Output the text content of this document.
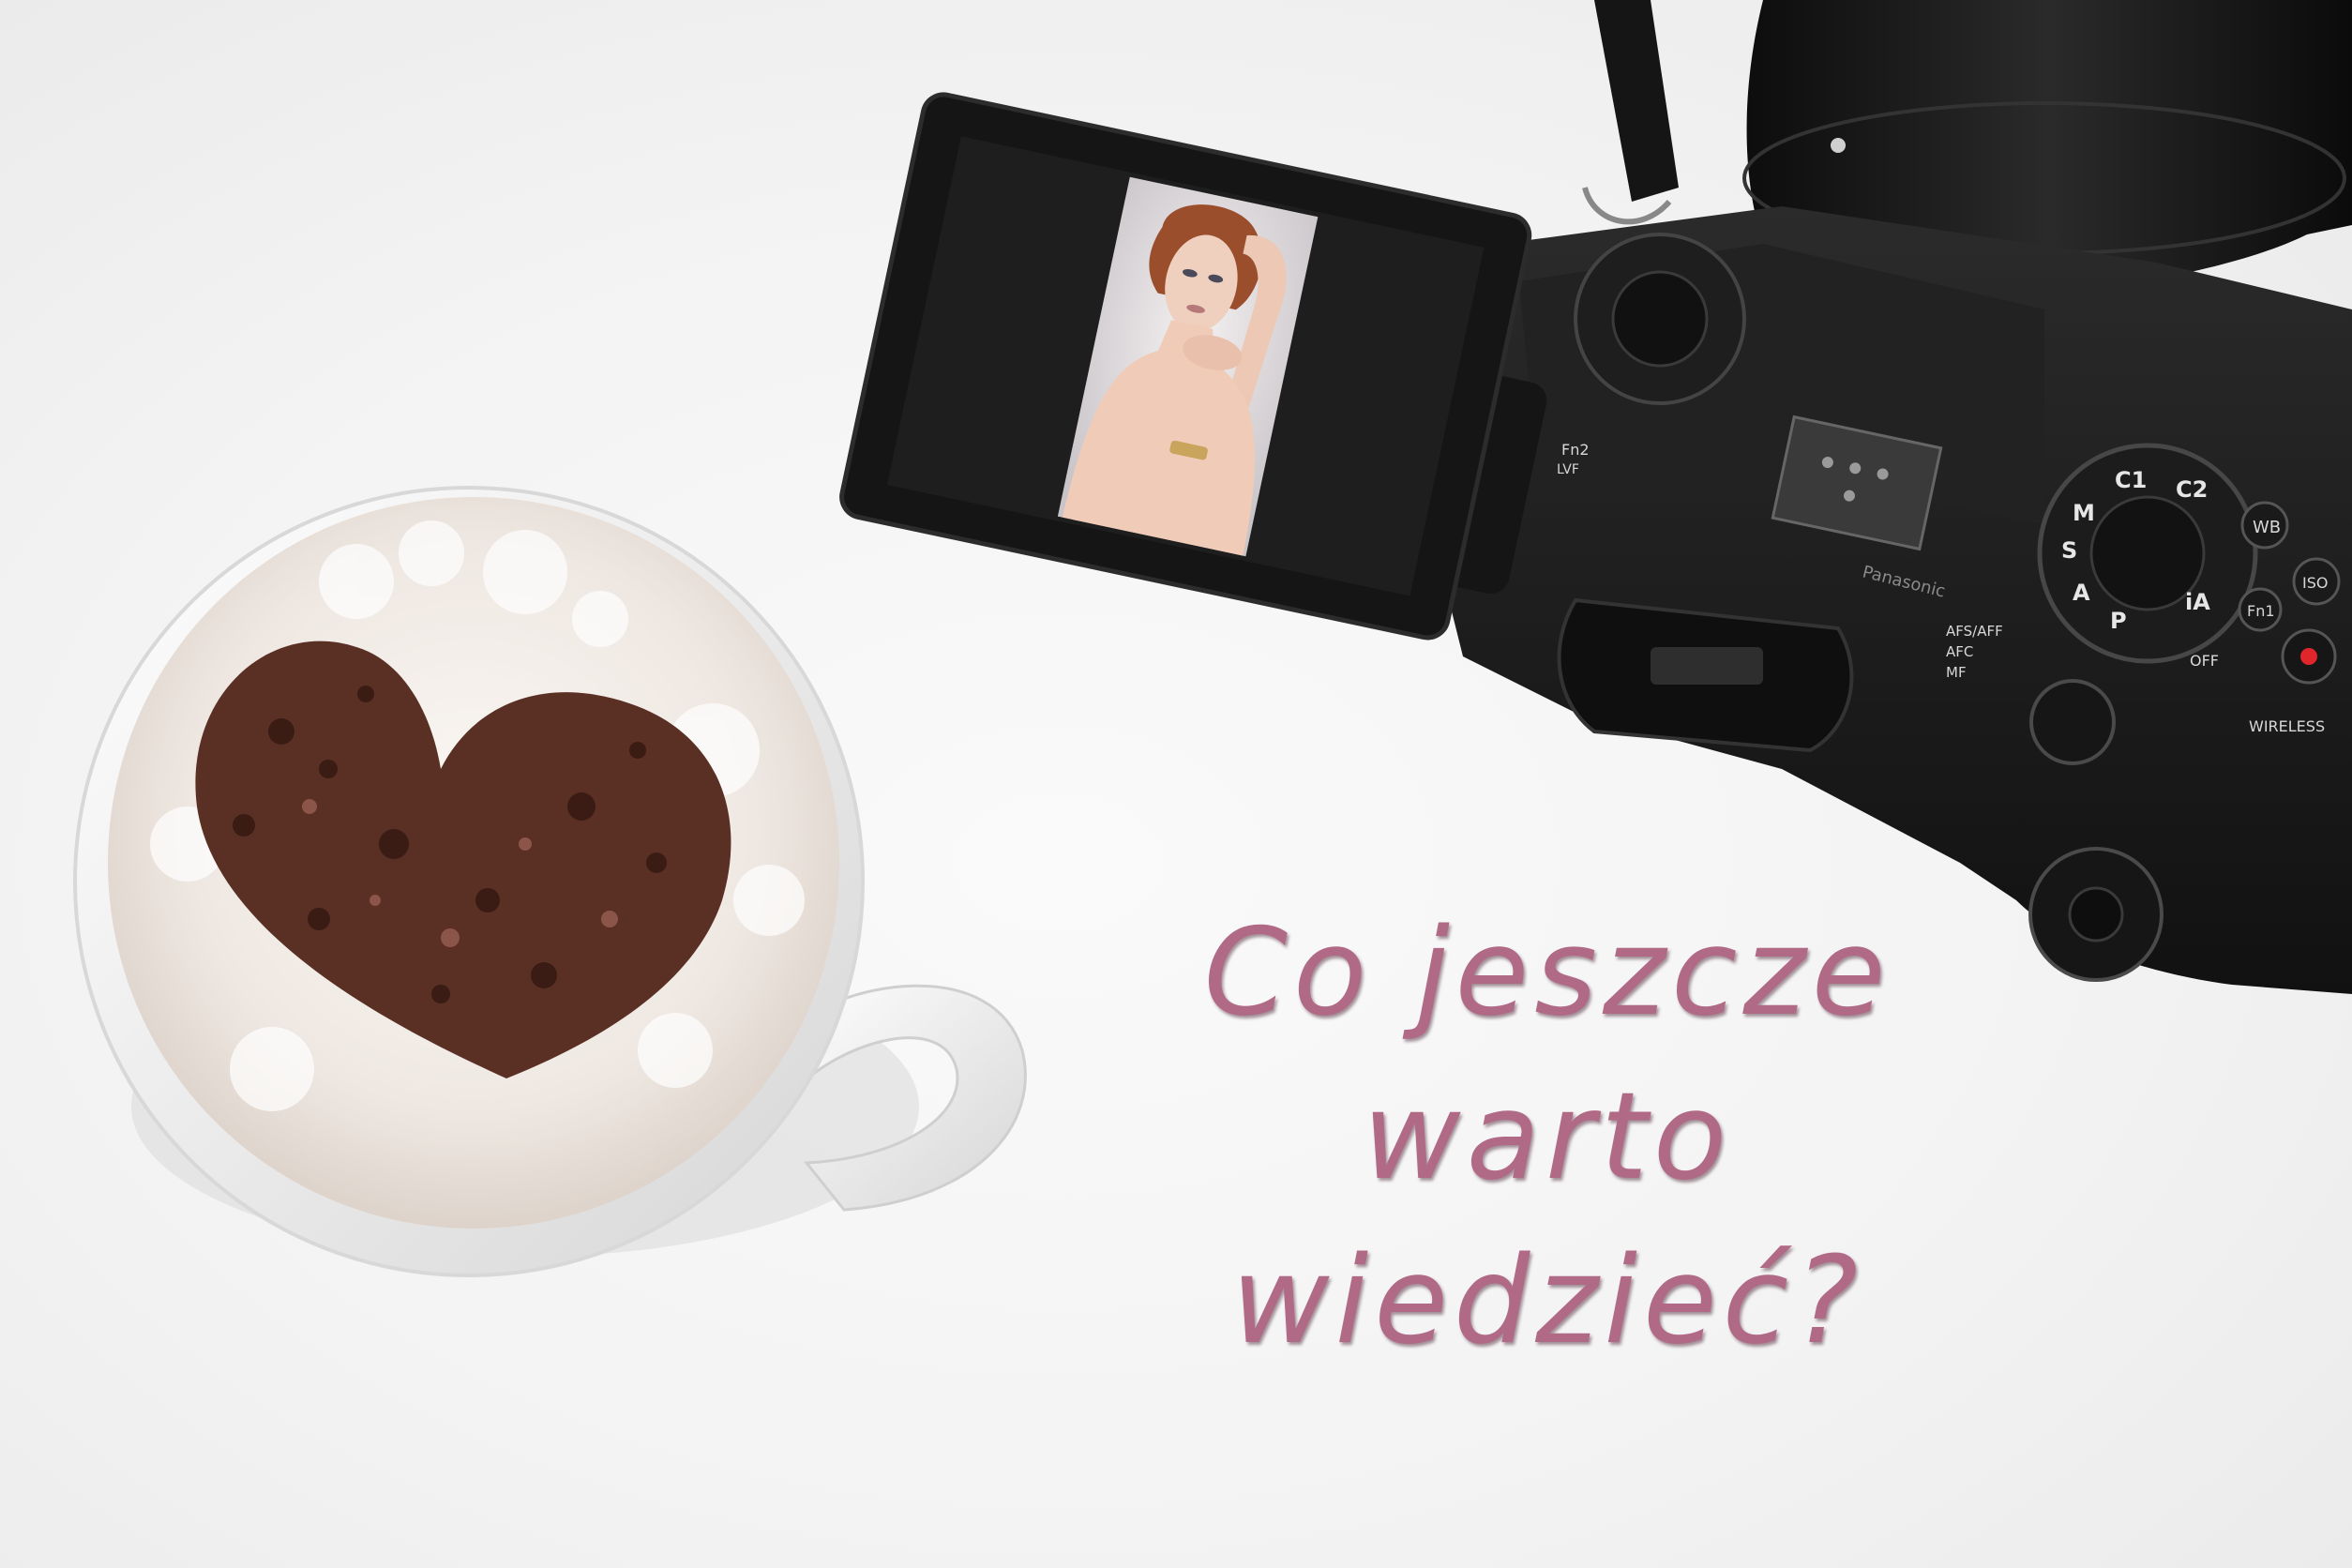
M
C1 C2
S
A
P
iA
WB
ISO
Fn1
WIRELESS
OFF
AFS/AFF
AFC
MF
Panasonic
Fn2
LVF
Co jeszcze
warto
wiedzieć?
